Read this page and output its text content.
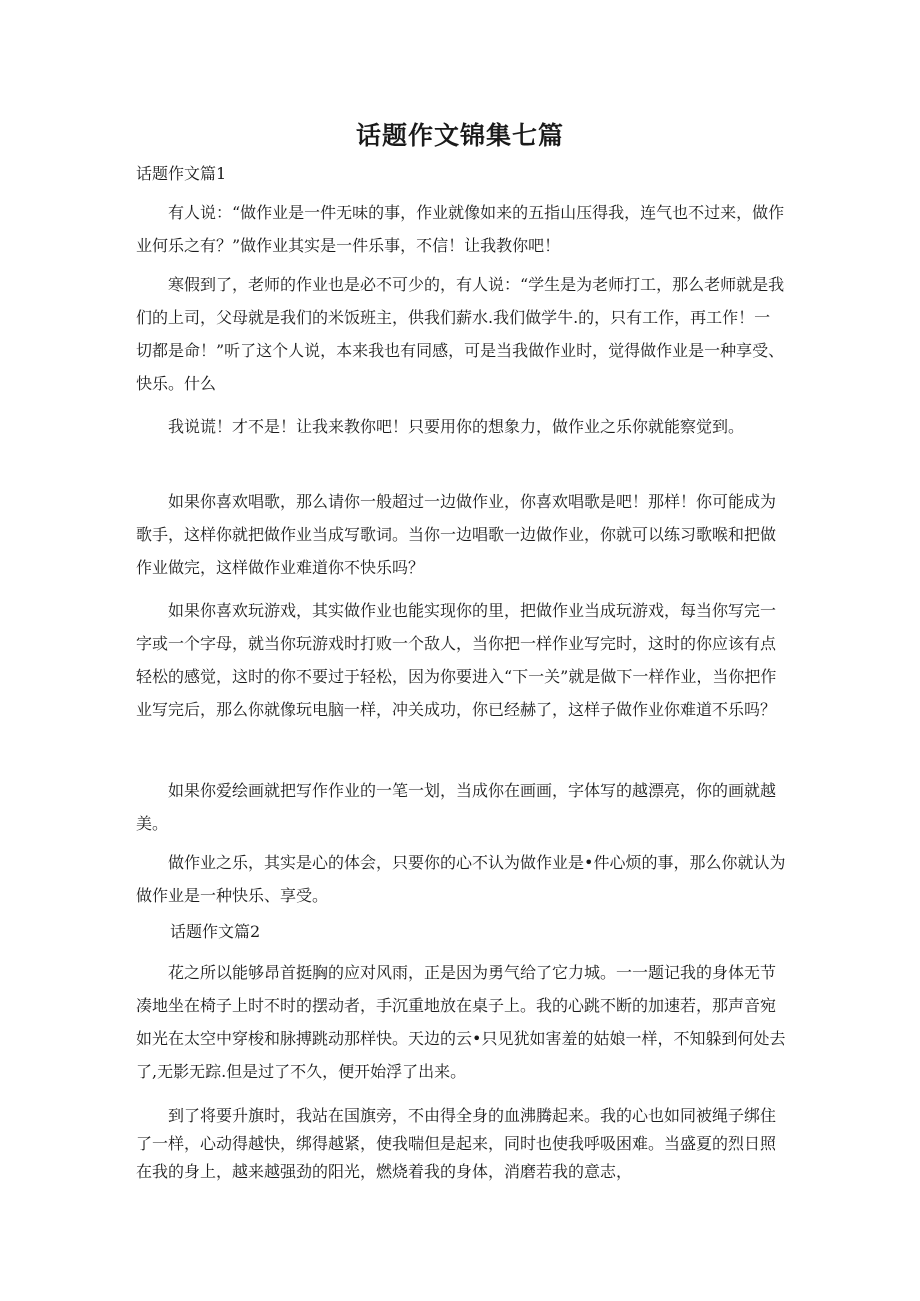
话题作文锦集七篇

话题作文篇1

有人说：“做作业是一件无味的事，作业就像如来的五指山压得我，连气也不过来，做作业何乐之有？”做作业其实是一件乐事，不信！让我教你吧！

寒假到了，老师的作业也是必不可少的，有人说：“学生是为老师打工，那么老师就是我们的上司，父母就是我们的米饭班主，供我们薪水.我们做学牛.的，只有工作，再工作！一切都是命！”听了这个人说，本来我也有同感，可是当我做作业时，觉得做作业是一种享受、快乐。什么

我说谎！才不是！让我来教你吧！只要用你的想象力，做作业之乐你就能察觉到。

如果你喜欢唱歌，那么请你一般超过一边做作业，你喜欢唱歌是吧！那样！你可能成为歌手，这样你就把做作业当成写歌词。当你一边唱歌一边做作业，你就可以练习歌喉和把做作业做完，这样做作业难道你不快乐吗？

如果你喜欢玩游戏，其实做作业也能实现你的里，把做作业当成玩游戏，每当你写完一字或一个字母，就当你玩游戏时打败一个敌人，当你把一样作业写完时，这时的你应该有点轻松的感觉，这时的你不要过于轻松，因为你要进入“下一关”就是做下一样作业，当你把作业写完后，那么你就像玩电脑一样，冲关成功，你已经赫了，这样子做作业你难道不乐吗？

如果你爱绘画就把写作作业的一笔一划，当成你在画画，字体写的越漂亮，你的画就越美。

做作业之乐，其实是心的体会，只要你的心不认为做作业是•件心烦的事，那么你就认为做作业是一种快乐、享受。

话题作文篇2

花之所以能够昂首挺胸的应对风雨，正是因为勇气给了它力城。一一题记我的身体无节凑地坐在椅子上时不时的摆动者，手沉重地放在桌子上。我的心跳不断的加速若，那声音宛如光在太空中穿梭和脉搏跳动那样快。天边的云•只见犹如害羞的姑娘一样，不知躲到何处去了,无影无踪.但是过了不久，便开始浮了出来。

到了将要升旗时，我站在国旗旁，不由得全身的血沸腾起来。我的心也如同被绳子绑住了一样，心动得越快，绑得越紧，使我喘但是起来，同时也使我呼吸困难。当盛夏的烈日照在我的身上，越来越强劲的阳光，燃烧着我的身体，消磨若我的意志，
